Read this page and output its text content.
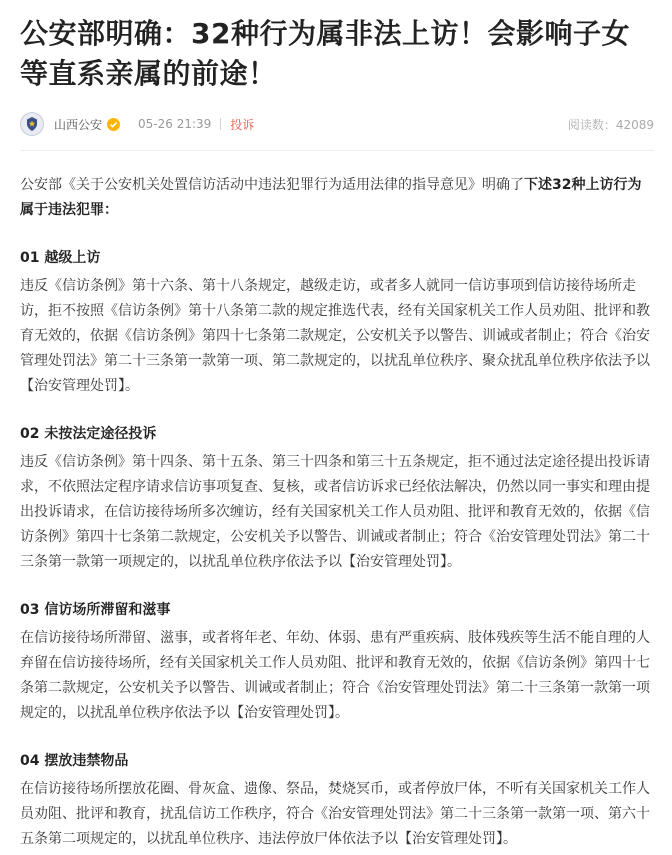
公安部明确：32种行为属非法上访！会影响子女等直系亲属的前途！
山西公安	05-26 21:39 投诉	阅读数：42089

公安部《关于公安机关处置信访活动中违法犯罪行为适用法律的指导意见》明确了下述32种上访行为属于违法犯罪：

01 越级上访

违反《信访条例》第十六条、第十八条规定，越级走访，或者多人就同一信访事项到信访接待场所走访，拒不按照《信访条例》第十八条第二款的规定推选代表，经有关国家机关工作人员劝阻、批评和教育无效的，依据《信访条例》第四十七条第二款规定，公安机关予以警告、训诫或者制止；符合《治安管理处罚法》第二十三条第一款第一项、第二款规定的，以扰乱单位秩序、聚众扰乱单位秩序依法予以【治安管理处罚】。

02 未按法定途径投诉

违反《信访条例》第十四条、第十五条、第三十四条和第三十五条规定，拒不通过法定途径提出投诉请求，不依照法定程序请求信访事项复查、复核，或者信访诉求已经依法解决，仍然以同一事实和理由提出投诉请求，在信访接待场所多次缠访，经有关国家机关工作人员劝阻、批评和教育无效的，依据《信访条例》第四十七条第二款规定，公安机关予以警告、训诫或者制止；符合《治安管理处罚法》第二十三条第一款第一项规定的，以扰乱单位秩序依法予以【治安管理处罚】。

03 信访场所滞留和滋事

在信访接待场所滞留、滋事，或者将年老、年幼、体弱、患有严重疾病、肢体残疾等生活不能自理的人弃留在信访接待场所，经有关国家机关工作人员劝阻、批评和教育无效的，依据《信访条例》第四十七条第二款规定，公安机关予以警告、训诫或者制止；符合《治安管理处罚法》第二十三条第一款第一项规定的，以扰乱单位秩序依法予以【治安管理处罚】。

04 摆放违禁物品

在信访接待场所摆放花圈、骨灰盒、遗像、祭品，焚烧冥币，或者停放尸体，不听有关国家机关工作人员劝阻、批评和教育，扰乱信访工作秩序，符合《治安管理处罚法》第二十三条第一款第一项、第六十五条第二项规定的，以扰乱单位秩序、违法停放尸体依法予以【治安管理处罚】。
